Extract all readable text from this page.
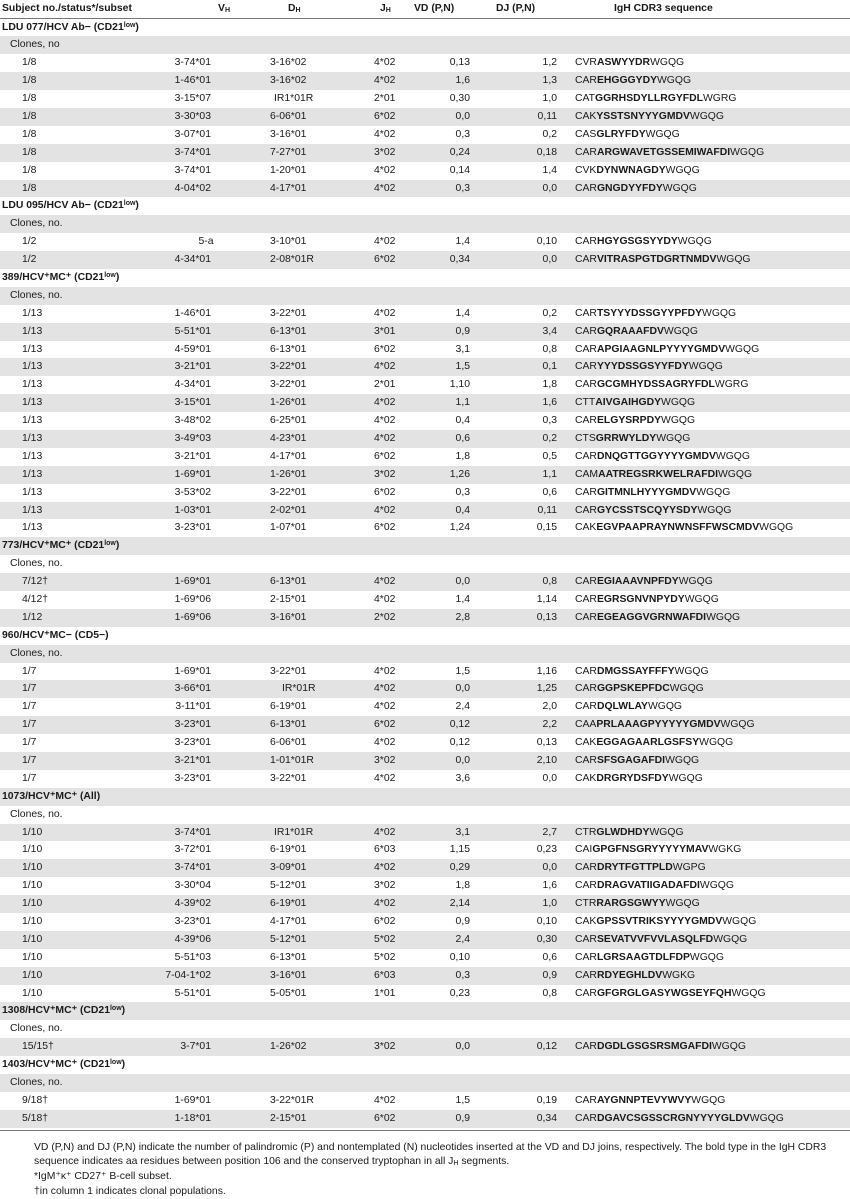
Subject no./status*/subset	$V_H$	$D_H$	$J_H$ VD (P,N)	DJ (P,N)	IgH CDR3 sequence
LDU 077/HCV $Ab- (CD21^{low})$
Clones, no
1/8	3-74*01	3-16*02	4*02	0,13	1,2 CVRASWYYDRWGQG
1/8	1-46*01	3-16*02	4*02	1,6	1,3 CAREHGGGYDYWGQG
1/8	3-15*07	IR1*01R	2*01	0,30	1,0 CATGGRHSDYLLRGYFDLWGRG
1/8	3-30*03	6-06*01	6*02	0,0	0,11 CAKYSSTSNYYYGMDVWGQG
1/8	3-07*01	3-16*01	4*02	0,3	0,2 CASGLRYFDYWGQG
1/8	3-74*01	7-27*01	3*02	0,24	0,18 CARARGWAVETGSSEMIWAFDIWGQG
1/8	3-74*01	1-20*01	4*02	0,14	1,4 CVKDYNWNAGDYWGQG
1/8	4-04*02	4-17*01	4*02	0,3	0,0 CARGNGDYYFDYWGQG
LDU 095/HCV $Ab- (CD21^{low})$
Clones, no.
1/2	5-a	3-10*01	4*02	1,4	0,10 CARHGYGSGSYYDYWGQG
1/2	4-34*01	2-08*01R	6*02	0,34	0,0 CARVITRASPGTDGRTNMDVWGQG
389/HCV⁺MC⁺ $(CD21^{low})$
Clones, no.
1/13	1-46*01	3-22*01	4*02	1,4	0,2 CARTSYYYDSSGYYPFDYWGQG
1/13	5-51*01	6-13*01	3*01	0,9	3,4 CARGQRAAAFDVWGQG
1/13	4-59*01	6-13*01	6*02	3,1	0,8 CARAPGIAAGNLPYYYYGMDVWGQG
1/13	3-21*01	3-22*01	4*02	1,5	0,1 CARYYYDSSGSYYFDYWGQG
1/13	4-34*01	3-22*01	2*01	1,10	1,8 CARGCGMHYDSSAGRYFDLWGRG
1/13	3-15*01	1-26*01	4*02	1,1	1,6 CTTAIVGAIHGDYWGQG
1/13	3-48*02	6-25*01	4*02	0,4	0,3 CARELGYSRPDYWGQG
1/13	3-49*03	4-23*01	4*02	0,6	0,2 CTSGRRWYLDYWGQG
1/13	3-21*01	4-17*01	6*02	1,8	0,5 CARDNQGTTGGYYYYGMDVWGQG
1/13	1-69*01	1-26*01	3*02	1,26	1,1 CAMAATREGSRKWELRAFDIWGQG
1/13	3-53*02	3-22*01	6*02	0,3	0,6 CARGITMNLHYYYGMDVWGQG
1/13	1-03*01	2-02*01	4*02	0,4	0,11 CARGYCSSTSCQYYSDYWGQG
1/13	3-23*01	1-07*01	6*02	1,24	0,15 CAKEGVPAAPRAYNWNSFFWSCMDVWGQG
773/HCV⁺MC⁺ $(CD21^{low})$
Clones, no.
7/12†	1-69*01	6-13*01	4*02	0,0	0,8 CAREGIAAAVNPFDYWGQG
4/12†	1-69*06	2-15*01	4*02	1,4	1,14 CAREGRSGNVNPYDYWGQG
1/12	1-69*06	3-16*01	2*02	2,8	0,13 CAREGEAGGVGRNWAFDIWGQG
960/HCV⁺MC− (CD5−)
Clones, no.
1/7	1-69*01	3-22*01	4*02	1,5	1,16 CARDMGSSAYFFFYWGQG
1/7	3-66*01	IR*01R	4*02	0,0	1,25 CARGGPSKEPFDCWGQG
1/7	3-11*01	6-19*01	4*02	2,4	2,0 CARDQLWLAYWGQG
1/7	3-23*01	6-13*01	6*02	0,12	2,2 CAAPRLAAAGPYYYYYGMDVWGQG
1/7	3-23*01	6-06*01	4*02	0,12	0,13 CAKEGGAGAARLGSFSYWGQG
1/7	3-21*01	1-01*01R	3*02	0,0	2,10 CARSFSGAGAFDIWGQG
1/7	3-23*01	3-22*01	4*02	3,6	0,0 CAKDRGRYDSFDYWGQG
1073/HCV⁺MC⁺ (All)
Clones, no.
1/10	3-74*01	IR1*01R	4*02	3,1	2,7 CTRGLWDHDYWGQG
1/10	3-72*01	6-19*01	6*03	1,15	0,23 CAIGPGFNSGRYYYYYMAVWGKG
1/10	3-74*01	3-09*01	4*02	0,29	0,0 CARDRYTFGTTPLDWGPG
1/10	3-30*04	5-12*01	3*02	1,8	1,6 CARDRAGVATIIGADAFDIWGQG
1/10	4-39*02	6-19*01	4*02	2,14	1,0 CTRRARGSGWYYWGQG
1/10	3-23*01	4-17*01	6*02	0,9	0,10 CAKGPSSVTRIKSYYYYGMDVWGQG
1/10	4-39*06	5-12*01	5*02	2,4	0,30 CARSEVATVVFVVLASQLFDWGQG
1/10	5-51*03	6-13*01	5*02	0,10	0,6 CARLGRSAAGTDLFDPWGQG
1/10	7-04-1*02	3-16*01	6*03	0,3	0,9 CARRDYEGHLDVWGKG
1/10	5-51*01	5-05*01	1*01	0,23	0,8 CARGFGRGLGASYWGSEYFQHWGQG
1308/HCV⁺MC⁺ $(CD21^{low})$
Clones, no.
15/15†	3-7*01	1-26*02	3*02	0,0	0,12 CARDGDLGSGSRSMGAFDIWGQG
1403/HCV⁺MC⁺ $(CD21^{low})$
Clones, no.
9/18†	1-69*01	3-22*01R	4*02	1,5	0,19 CARAYGNNPTEVYWVYWGQG
5/18†	1-18*01	2-15*01	6*02	0,9	0,34 CARDGAVCSGSSCRGNYYYYGLDVWGQG

VD (P,N) and DJ (P,N) indicate the number of palindromic (P) and nontemplated (N) nucleotides inserted at the VD and DJ joins, respectively. The bold type in the IgH CDR3 sequence indicates aa residues between position 106 and the conserved tryptophan in all $J_H$ segments.

*IgM⁺κ⁺ CD27⁺ B-cell subset.

†in column 1 indicates clonal populations.
